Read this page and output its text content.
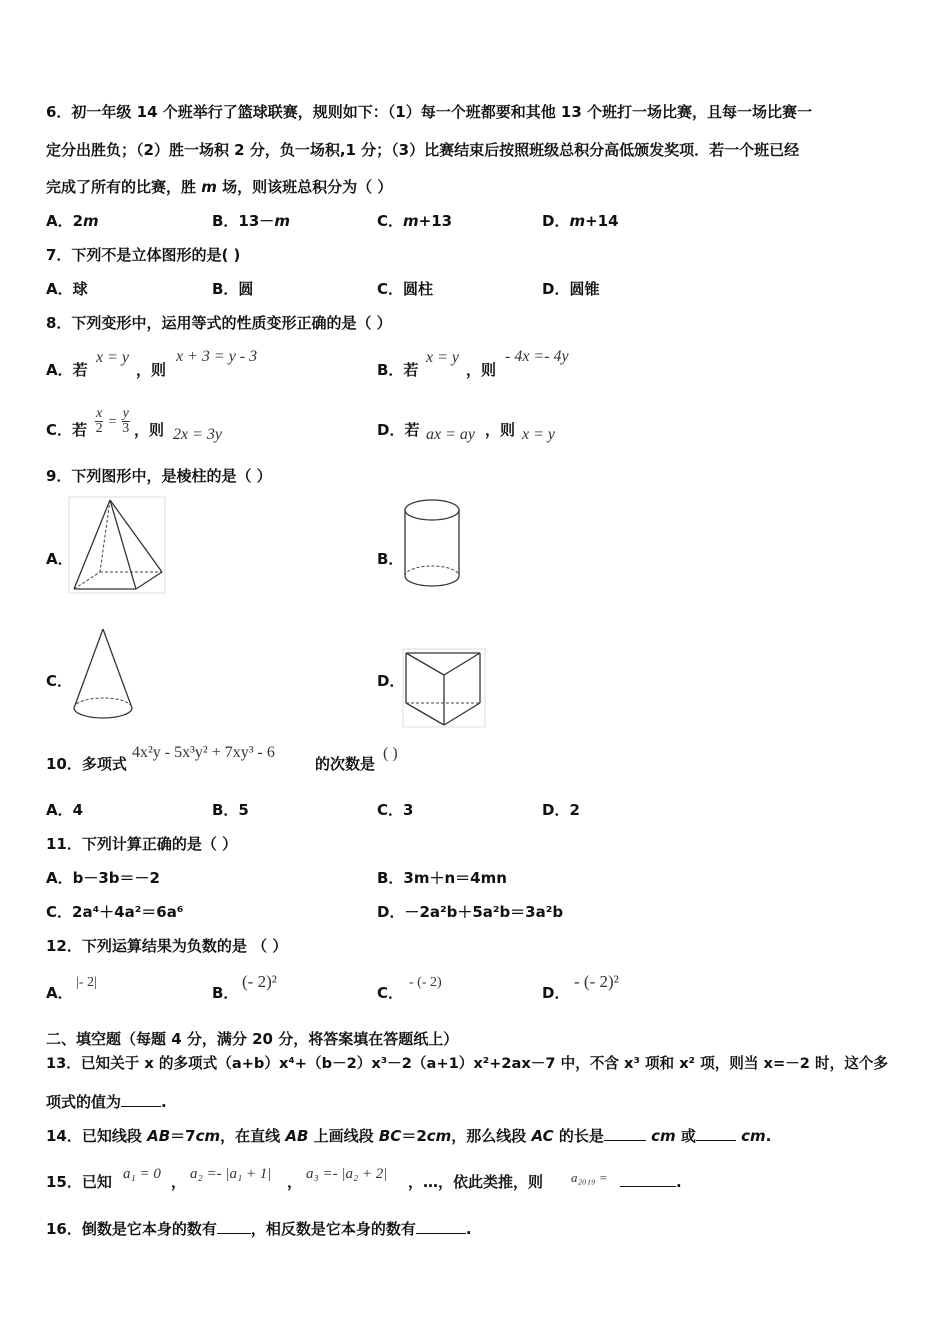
6．初一年级 14 个班举行了篮球联赛，规则如下：（1）每一个班都要和其他 13 个班打一场比赛，且每一场比赛一
定分出胜负；（2）胜一场积 2 分，负一场积,1 分；（3）比赛结束后按照班级总积分高低颁发奖项．若一个班已经
完成了所有的比赛，胜 m 场，则该班总积分为（ ）
A．2m	B．13－m	C．m+13	D．m+14
7．下列不是立体图形的是( )
A．球	B．圆	C．圆柱	D．圆锥
8．下列变形中，运用等式的性质变形正确的是（ ）
A．若
x = y
，则
x + 3 = y - 3
B．若
x = y
，则
- 4x =- 4y
C．若 $\frac{x}{2} = \frac{y}{3}$ ，则 2x = 3y	D．若 ax = ay ，则 x = y
9．下列图形中，是棱柱的是（ ）
A．	B．
C．	D．
10．多项式
4x²y - 5x³y² + 7xy³ - 6
的次数是
( )
A．4	B．5	C．3	D．2
11．下列计算正确的是（ ）
A．b－3b＝－2	B．3m＋n＝4mn
C．2a⁴＋4a²＝6a⁶	D．－2a²b＋5a²b＝3a²b
12．下列运算结果为负数的是 （ ）
A．
|- 2|
B．
(- 2)²
C．
- (- 2)
D．
- (- 2)²
二、填空题（每题 4 分，满分 20 分，将答案填在答题纸上）
13．已知关于 x 的多项式（a+b）x⁴+（b－2）x³－2（a+1）x²+2ax－7 中，不含 x³ 项和 x² 项，则当 x=－2 时，这个多
项式的值为	.
14．已知线段 AB＝7cm，在直线 AB 上画线段 BC＝2cm，那么线段 AC 的长是	cm 或	cm.
15．已知 a₁ = 0 ， a₂ =- |a₁ + 1| ， a₃ =- |a₂ + 2| ，…，依此类推，则 a₂₀₁₉ =	.
16．倒数是它本身的数有 ，相反数是它本身的数有	.
